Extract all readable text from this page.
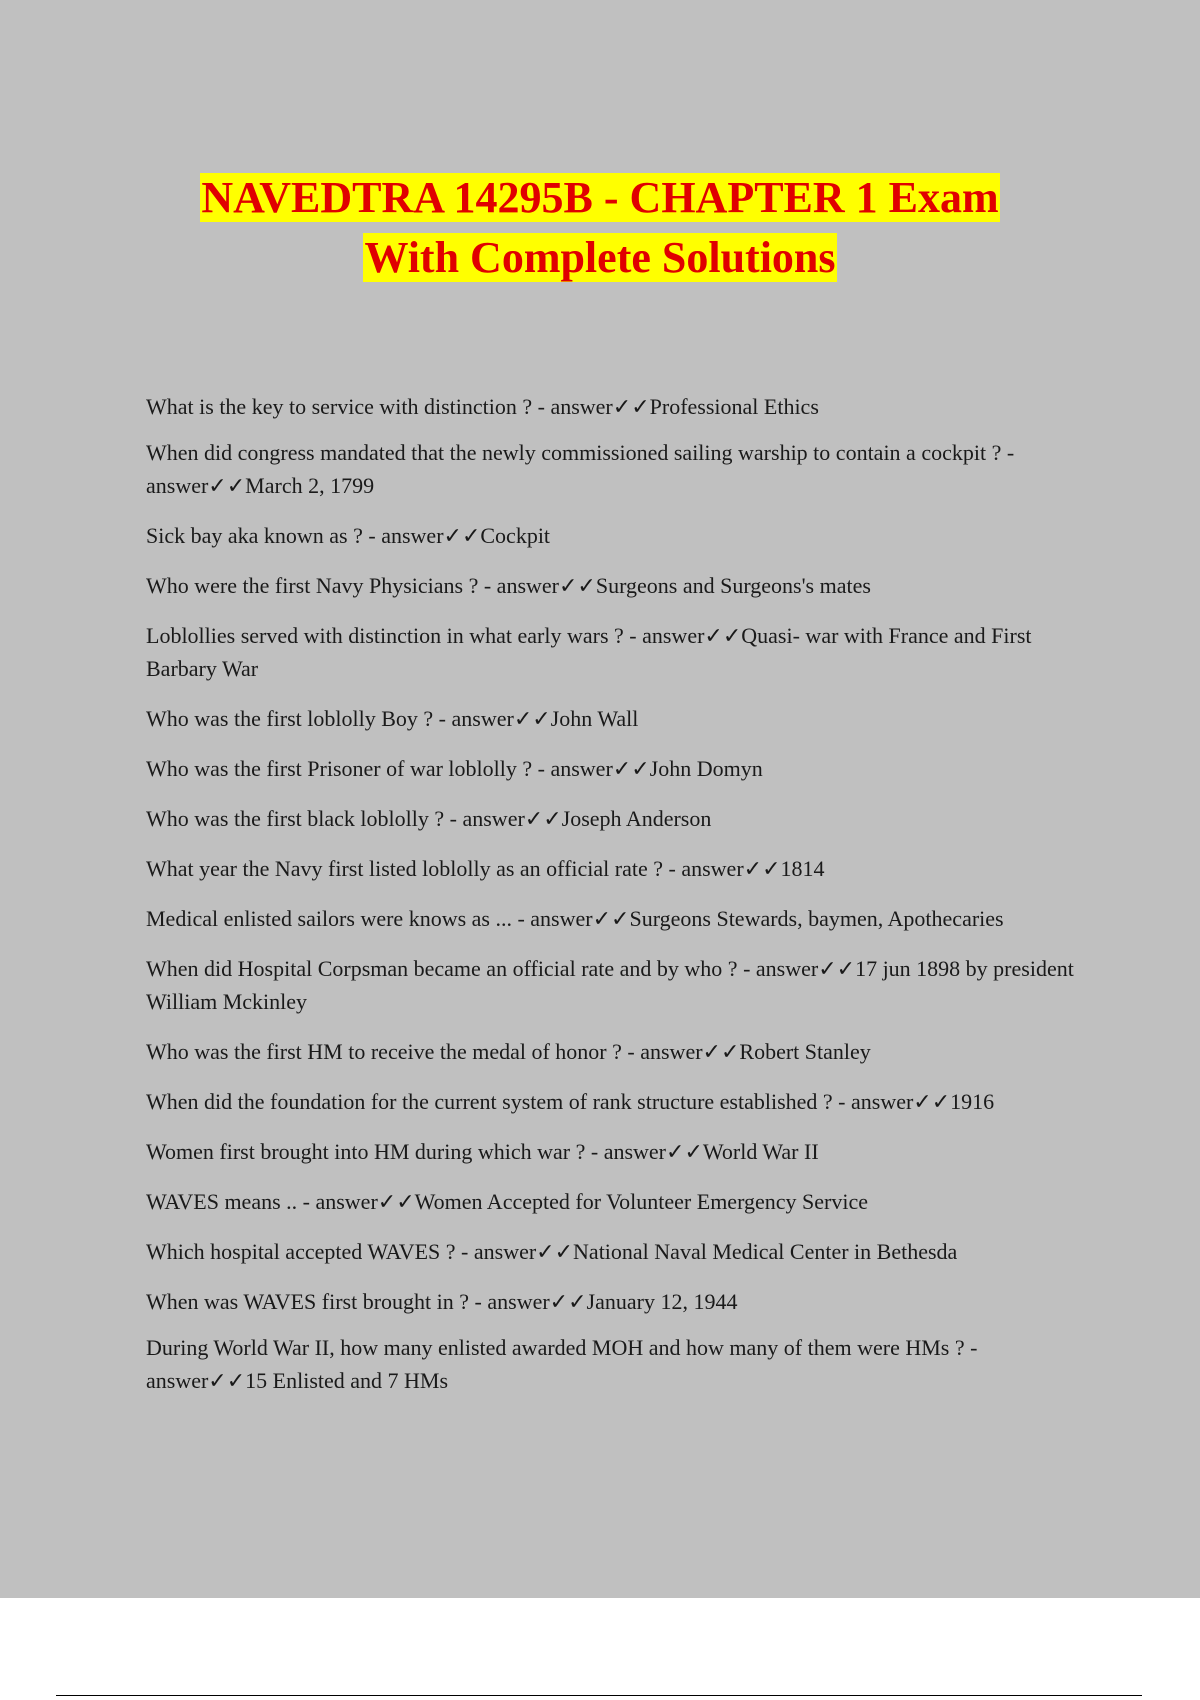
NAVEDTRA 14295B - CHAPTER 1 Exam
With Complete Solutions
What is the key to service with distinction ? - answer✓✓Professional Ethics
When did congress mandated that the newly commissioned sailing warship to contain a cockpit ? - answer✓✓March 2, 1799
Sick bay aka known as ? - answer✓✓Cockpit
Who were the first Navy Physicians ? - answer✓✓Surgeons and Surgeons's mates
Loblollies served with distinction in what early wars ? - answer✓✓Quasi- war with France and First Barbary War
Who was the first loblolly Boy ? - answer✓✓John Wall
Who was the first Prisoner of war loblolly ? - answer✓✓John Domyn
Who was the first black loblolly ? - answer✓✓Joseph Anderson
What year the Navy first listed loblolly as an official rate ? - answer✓✓1814
Medical enlisted sailors were knows as ... - answer✓✓Surgeons Stewards, baymen, Apothecaries
When did Hospital Corpsman became an official rate and by who ? - answer✓✓17 jun 1898 by president William Mckinley
Who was the first HM to receive the medal of honor ? - answer✓✓Robert Stanley
When did the foundation for the current system of rank structure established ? - answer✓✓1916
Women first brought into HM during which war ? - answer✓✓World War II
WAVES means .. - answer✓✓Women Accepted for Volunteer Emergency Service
Which hospital accepted WAVES ? - answer✓✓National Naval Medical Center in Bethesda
When was WAVES first brought in ? - answer✓✓January 12, 1944
During World War II, how many enlisted awarded MOH and how many of them were HMs ? - answer✓✓15 Enlisted and 7 HMs
